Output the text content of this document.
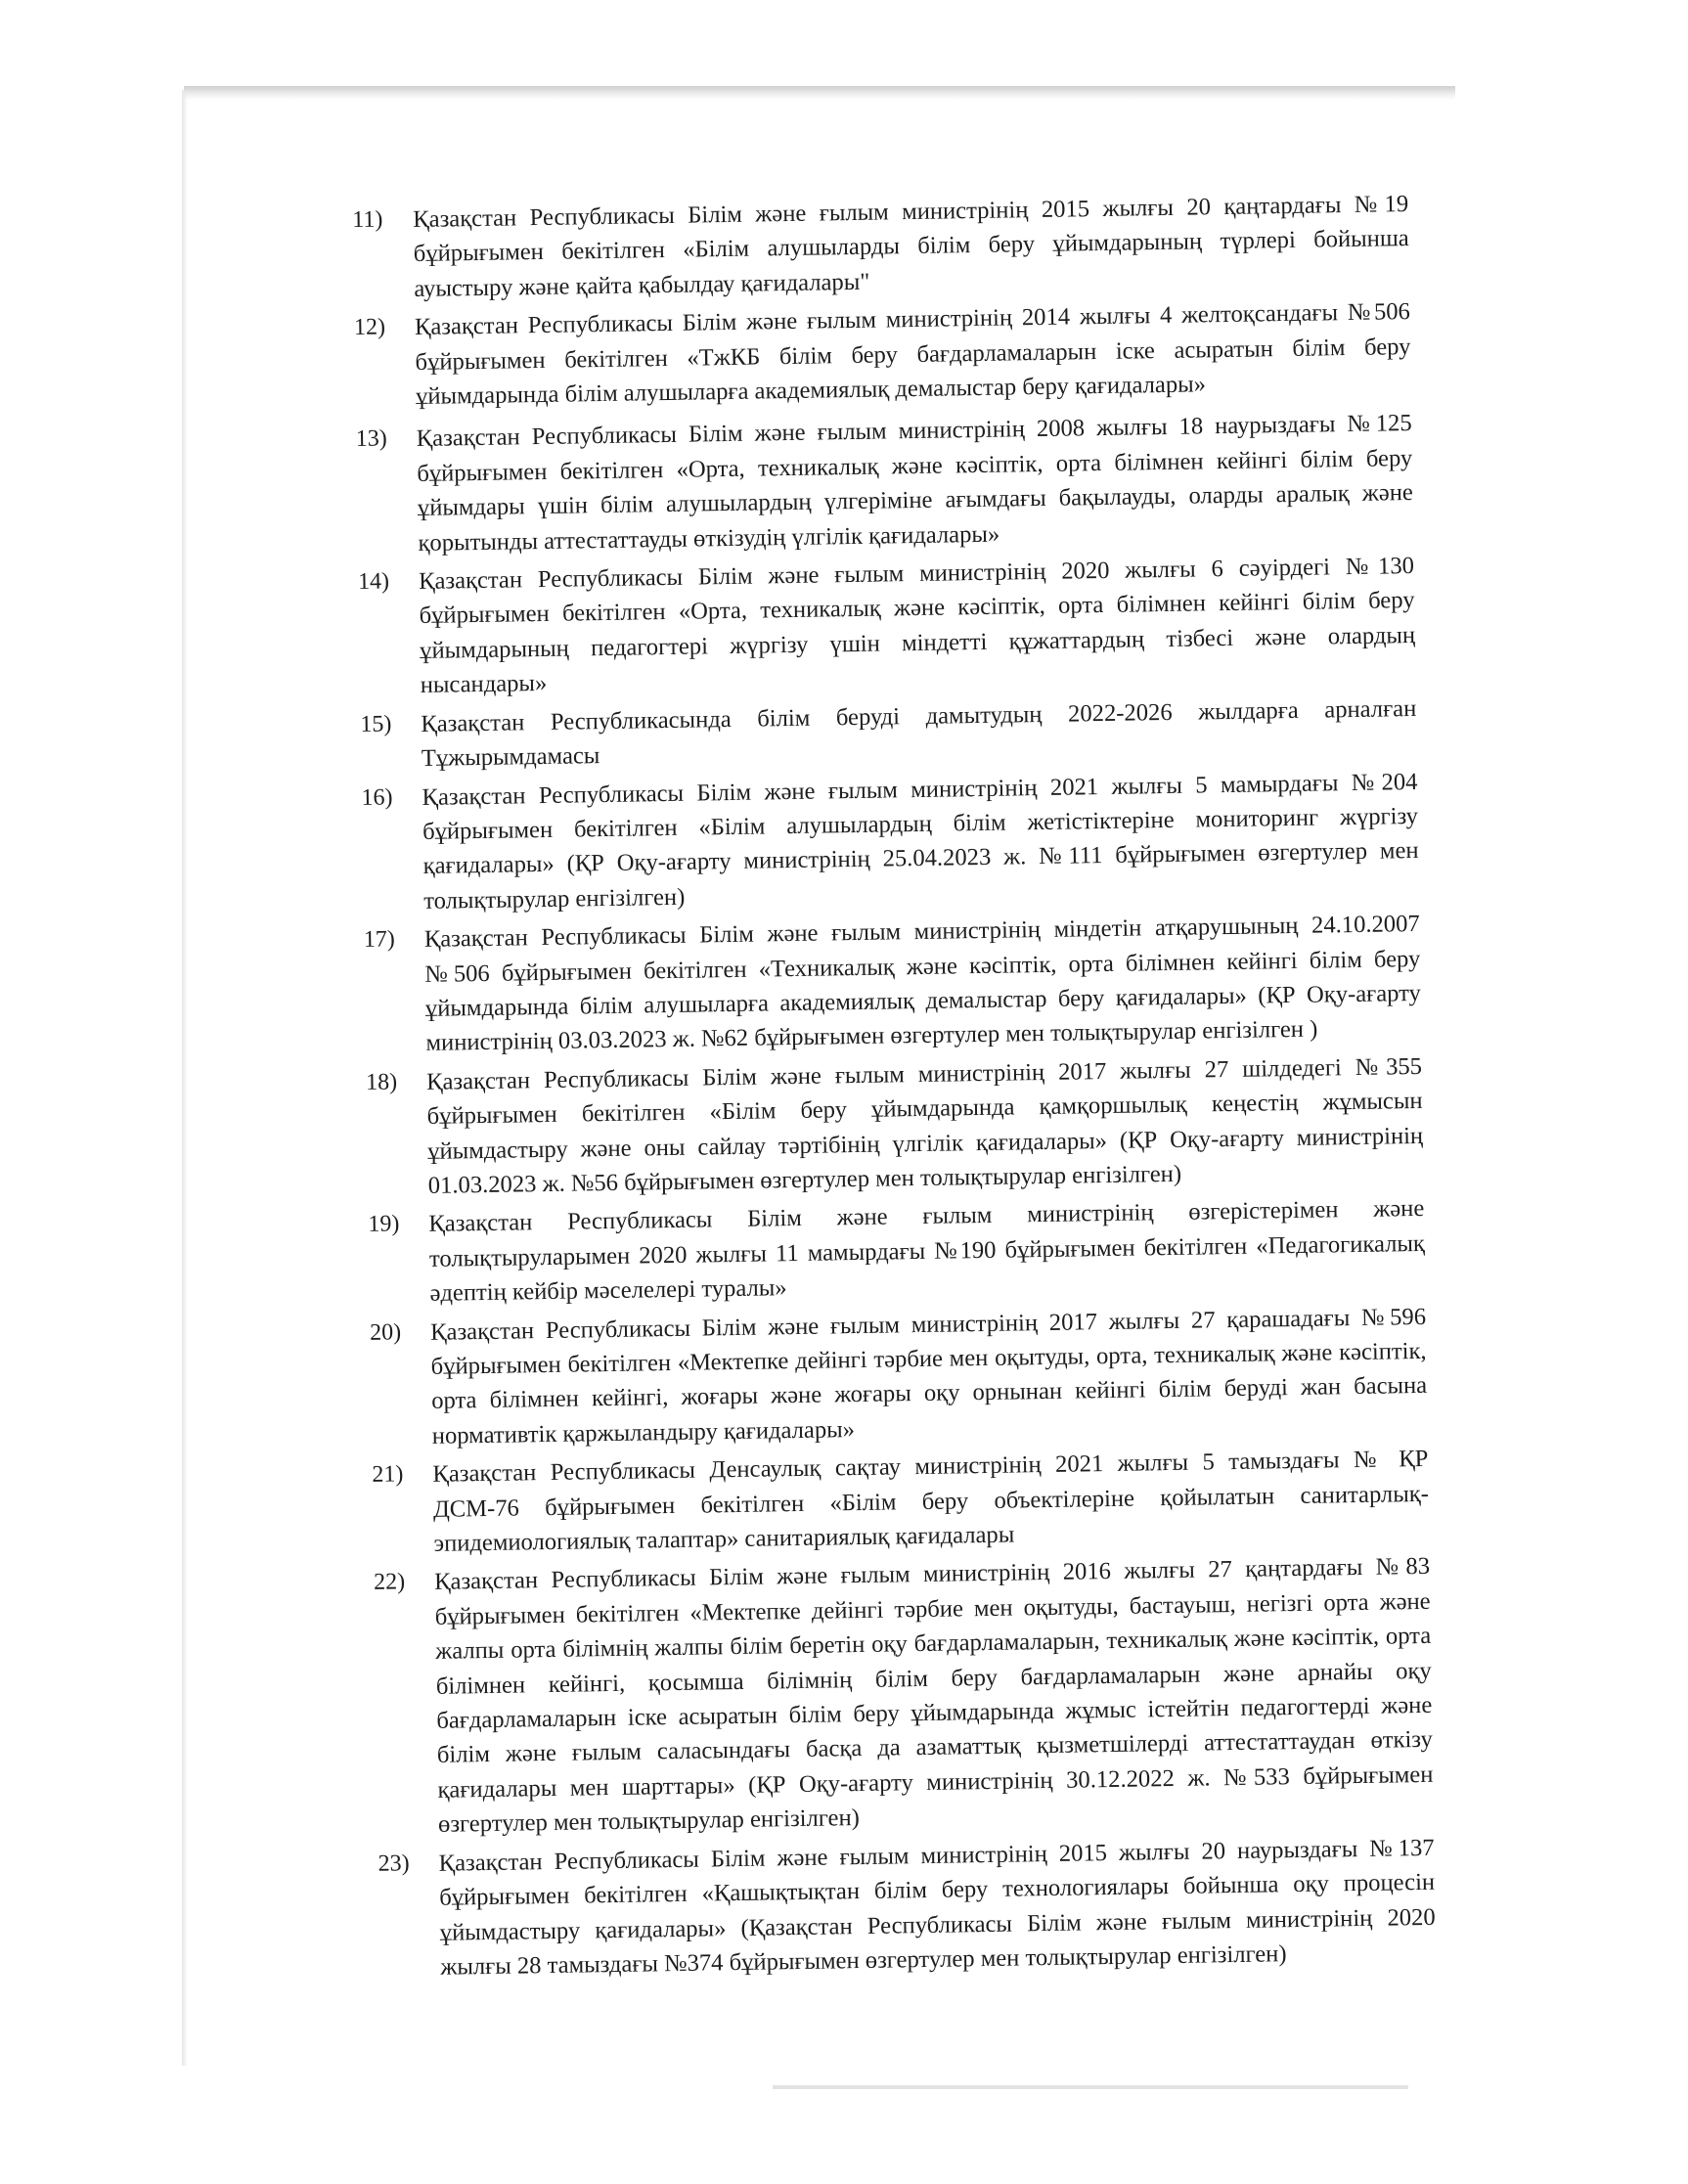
11) Қазақстан Республикасы Білім және ғылым министрінің 2015 жылғы 20 қаңтардағы №19 бұйрығымен бекітілген «Білім алушыларды білім беру ұйымдарының түрлері бойынша ауыстыру және қайта қабылдау қағидалары"
12) Қазақстан Республикасы Білім және ғылым министрінің 2014 жылғы 4 желтоқсандағы №506 бұйрығымен бекітілген «ТжКБ білім беру бағдарламаларын іске асыратын білім беру ұйымдарында білім алушыларға академиялық демалыстар беру қағидалары»
13) Қазақстан Республикасы Білім және ғылым министрінің 2008 жылғы 18 наурыздағы №125 бұйрығымен бекітілген «Орта, техникалық және кәсіптік, орта білімнен кейінгі білім беру ұйымдары үшін білім алушылардың үлгеріміне ағымдағы бақылауды, оларды аралық және қорытынды аттестаттауды өткізудің үлгілік қағидалары»
14) Қазақстан Республикасы Білім және ғылым министрінің 2020 жылғы 6 сәуірдегі №130 бұйрығымен бекітілген «Орта, техникалық және кәсіптік, орта білімнен кейінгі білім беру ұйымдарының педагогтері жүргізу үшін міндетті құжаттардың тізбесі және олардың нысандары»
15) Қазақстан Республикасында білім беруді дамытудың 2022-2026 жылдарға арналған Тұжырымдамасы
16) Қазақстан Республикасы Білім және ғылым министрінің 2021 жылғы 5 мамырдағы №204 бұйрығымен бекітілген «Білім алушылардың білім жетістіктеріне мониторинг жүргізу қағидалары» (ҚР Оқу-ағарту министрінің 25.04.2023 ж. №111 бұйрығымен өзгертулер мен толықтырулар енгізілген)
17) Қазақстан Республикасы Білім және ғылым министрінің міндетін атқарушының 24.10.2007 №506 бұйрығымен бекітілген «Техникалық және кәсіптік, орта білімнен кейінгі білім беру ұйымдарында білім алушыларға академиялық демалыстар беру қағидалары» (ҚР Оқу-ағарту министрінің 03.03.2023 ж. №62 бұйрығымен өзгертулер мен толықтырулар енгізілген )
18) Қазақстан Республикасы Білім және ғылым министрінің 2017 жылғы 27 шілдедегі №355 бұйрығымен бекітілген «Білім беру ұйымдарында қамқоршылық кеңестің жұмысын ұйымдастыру және оны сайлау тәртібінің үлгілік қағидалары» (ҚР Оқу-ағарту министрінің 01.03.2023 ж. №56 бұйрығымен өзгертулер мен толықтырулар енгізілген)
19) Қазақстан Республикасы Білім және ғылым министрінің өзгерістерімен және толықтыруларымен 2020 жылғы 11 мамырдағы №190 бұйрығымен бекітілген «Педагогикалық әдептің кейбір мәселелері туралы»
20) Қазақстан Республикасы Білім және ғылым министрінің 2017 жылғы 27 қарашадағы №596 бұйрығымен бекітілген «Мектепке дейінгі тәрбие мен оқытуды, орта, техникалық және кәсіптік, орта білімнен кейінгі, жоғары және жоғары оқу орнынан кейінгі білім беруді жан басына нормативтік қаржыландыру қағидалары»
21) Қазақстан Республикасы Денсаулық сақтау министрінің 2021 жылғы 5 тамыздағы № ҚР ДСМ-76 бұйрығымен бекітілген «Білім беру объектілеріне қойылатын санитарлық-эпидемиологиялық талаптар» санитариялық қағидалары
22) Қазақстан Республикасы Білім және ғылым министрінің 2016 жылғы 27 қаңтардағы №83 бұйрығымен бекітілген «Мектепке дейінгі тәрбие мен оқытуды, бастауыш, негізгі орта және жалпы орта білімнің жалпы білім беретін оқу бағдарламаларын, техникалық және кәсіптік, орта білімнен кейінгі, қосымша білімнің білім беру бағдарламаларын және арнайы оқу бағдарламаларын іске асыратын білім беру ұйымдарында жұмыс істейтін педагогтерді және білім және ғылым саласындағы басқа да азаматтық қызметшілерді аттестаттаудан өткізу қағидалары мен шарттары» (ҚР Оқу-ағарту министрінің 30.12.2022 ж. №533 бұйрығымен өзгертулер мен толықтырулар енгізілген)
23) Қазақстан Республикасы Білім және ғылым министрінің 2015 жылғы 20 наурыздағы №137 бұйрығымен бекітілген «Қашықтықтан білім беру технологиялары бойынша оқу процесін ұйымдастыру қағидалары» (Қазақстан Республикасы Білім және ғылым министрінің 2020 жылғы 28 тамыздағы №374 бұйрығымен өзгертулер мен толықтырулар енгізілген)
